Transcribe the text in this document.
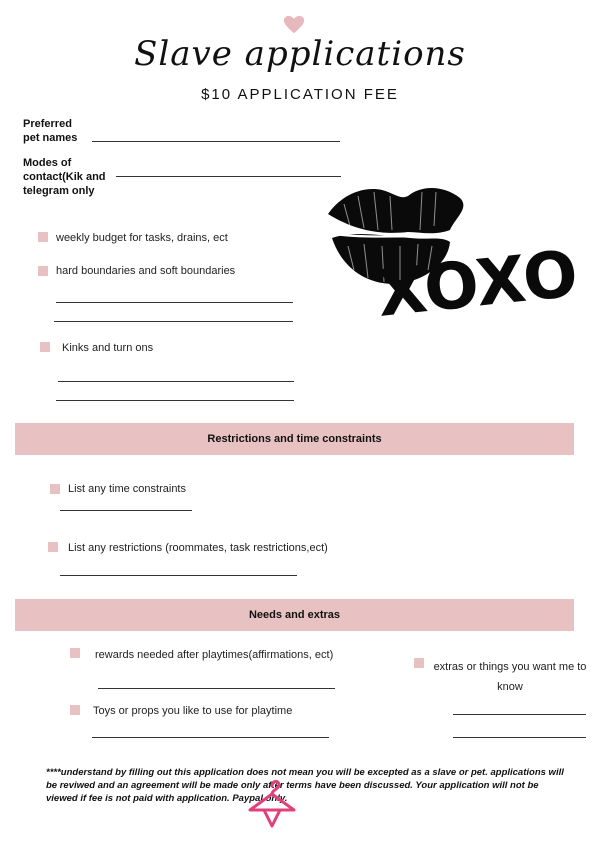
Slave applications
$10 APPLICATION FEE
Preferred
pet names
Modes of
contact(Kik and
telegram only
weekly budget for tasks, drains, ect
hard boundaries and soft boundaries
Kinks and turn ons
XOXO
Restrictions and time constraints
List any time constraints
List any restrictions (roommates, task restrictions,ect)
Needs and extras
rewards needed after playtimes(affirmations, ect)
Toys or props you like to use for playtime
extras or things you want me to know
****understand by filling out this application does not mean you will be excepted as a slave or pet. applications will be reviwed and an agreement will be made only after terms have been discussed. Your application will not be viewed if fee is not paid with application. Paypal only.
